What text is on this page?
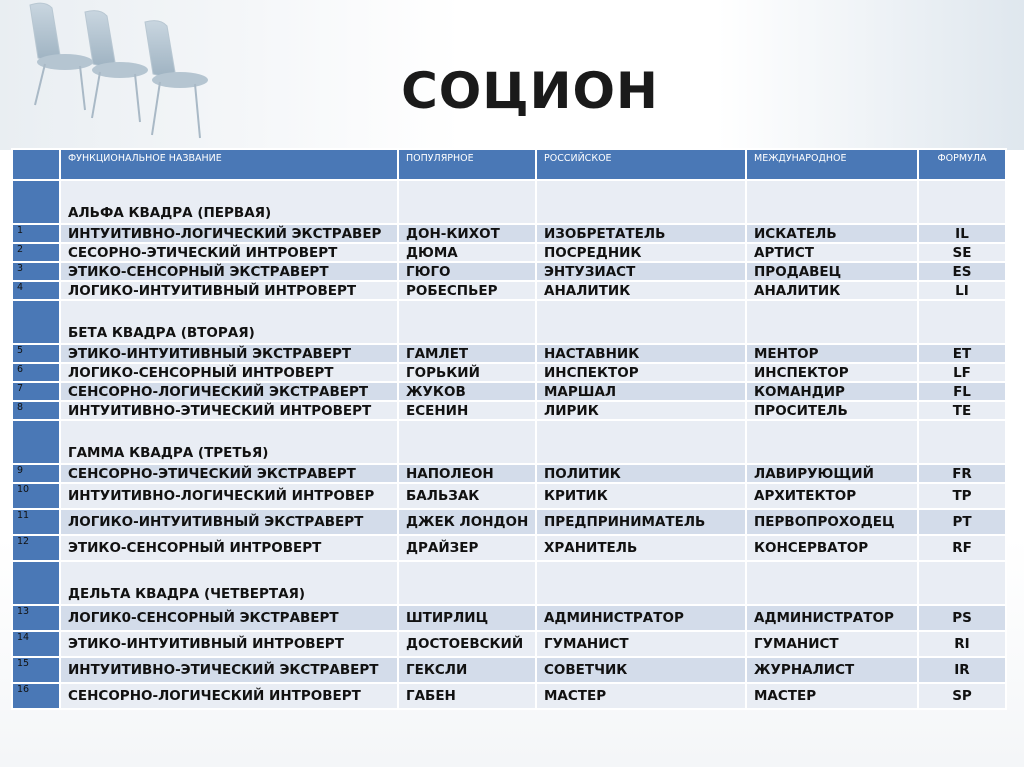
СОЦИОН
	ФУНКЦИОНАЛЬНОЕ НАЗВАНИЕ	ПОПУЛЯРНОЕ	РОССИЙСКОЕ	МЕЖДУНАРОДНОЕ	ФОРМУЛА
	АЛЬФА КВАДРА (ПЕРВАЯ)				
1	ИНТУИТИВНО-ЛОГИЧЕСКИЙ ЭКСТРАВЕР	ДОН-КИХОТ	ИЗОБРЕТАТЕЛЬ	ИСКАТЕЛЬ	IL
2	СЕСОРНО-ЭТИЧЕСКИЙ ИНТРОВЕРТ	ДЮМА	ПОСРЕДНИК	АРТИСТ	SE
3	ЭТИКО-СЕНСОРНЫЙ ЭКСТРАВЕРТ	ГЮГО	ЭНТУЗИАСТ	ПРОДАВЕЦ	ES
4	ЛОГИКО-ИНТУИТИВНЫЙ ИНТРОВЕРТ	РОБЕСПЬЕР	АНАЛИТИК	АНАЛИТИК	LI
	БЕТА КВАДРА (ВТОРАЯ)				
5	ЭТИКО-ИНТУИТИВНЫЙ ЭКСТРАВЕРТ	ГАМЛЕТ	НАСТАВНИК	МЕНТОР	ET
6	ЛОГИКО-СЕНСОРНЫЙ ИНТРОВЕРТ	ГОРЬКИЙ	ИНСПЕКТОР	ИНСПЕКТОР	LF
7	СЕНСОРНО-ЛОГИЧЕСКИЙ ЭКСТРАВЕРТ	ЖУКОВ	МАРШАЛ	КОМАНДИР	FL
8	ИНТУИТИВНО-ЭТИЧЕСКИЙ ИНТРОВЕРТ	ЕСЕНИН	ЛИРИК	ПРОСИТЕЛЬ	TE
	ГАММА КВАДРА (ТРЕТЬЯ)				
9	СЕНСОРНО-ЭТИЧЕСКИЙ ЭКСТРАВЕРТ	НАПОЛЕОН	ПОЛИТИК	ЛАВИРУЮЩИЙ	FR
10	ИНТУИТИВНО-ЛОГИЧЕСКИЙ ИНТРОВЕР	БАЛЬЗАК	КРИТИК	АРХИТЕКТОР	TP
11	ЛОГИКО-ИНТУИТИВНЫЙ ЭКСТРАВЕРТ	ДЖЕК ЛОНДОН	ПРЕДПРИНИМАТЕЛЬ	ПЕРВОПРОХОДЕЦ	PT
12	ЭТИКО-СЕНСОРНЫЙ ИНТРОВЕРТ	ДРАЙЗЕР	ХРАНИТЕЛЬ	КОНСЕРВАТОР	RF
	ДЕЛЬТА КВАДРА (ЧЕТВЕРТАЯ)				
13	ЛОГИК0-СЕНСОРНЫЙ ЭКСТРАВЕРТ	ШТИРЛИЦ	АДМИНИСТРАТОР	АДМИНИСТРАТОР	PS
14	ЭТИКО-ИНТУИТИВНЫЙ ИНТРОВЕРТ	ДОСТОЕВСКИЙ	ГУМАНИСТ	ГУМАНИСТ	RI
15	ИНТУИТИВНО-ЭТИЧЕСКИЙ ЭКСТРАВЕРТ	ГЕКСЛИ	СОВЕТЧИК	ЖУРНАЛИСТ	IR
16	СЕНСОРНО-ЛОГИЧЕСКИЙ ИНТРОВЕРТ	ГАБЕН	МАСТЕР	МАСТЕР	SP
